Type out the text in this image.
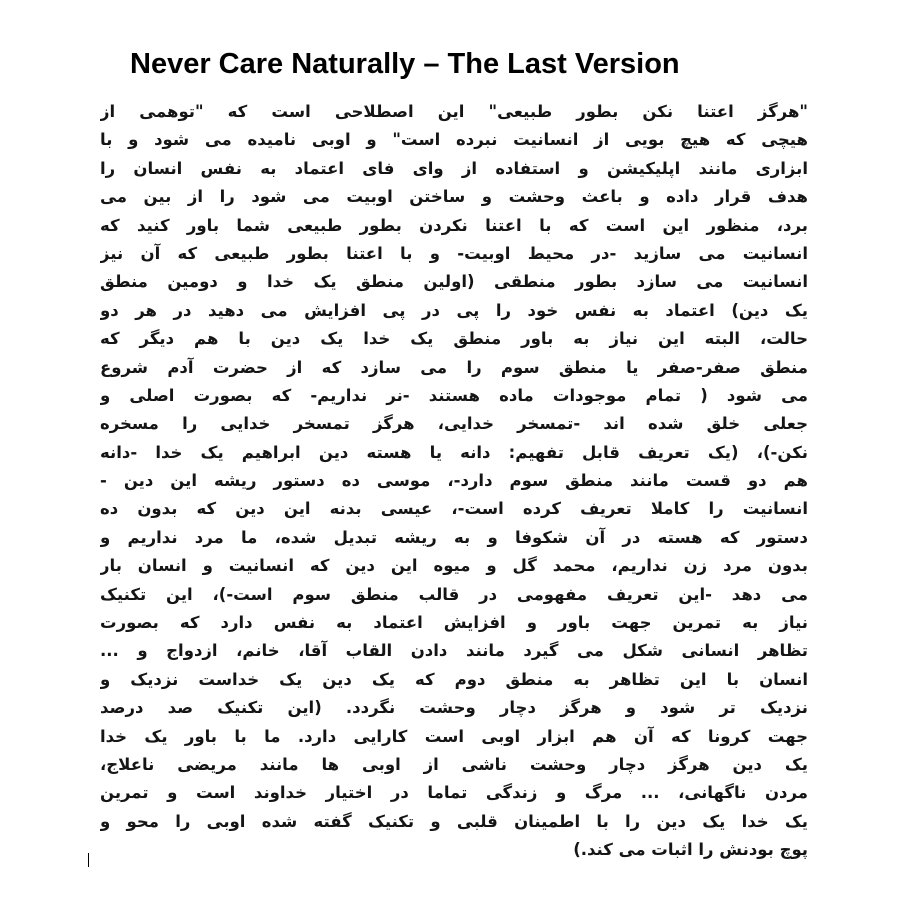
Never Care Naturally – The Last Version
"هرگز اعتنا نکن بطور طبیعی" این اصطلاحی است که "توهمی از
هیچی که هیچ بویی از انسانیت نبرده است" و اوبی نامیده می شود و با
ابزاری مانند اپلیکیشن و استفاده از وای فای اعتماد به نفس انسان را
هدف قرار داده و باعث وحشت و ساختن اوبیت می شود را از بین می
برد، منظور این است که با اعتنا نکردن بطور طبیعی شما باور کنید که
انسانیت می سازید -در محیط اوبیت- و با اعتنا بطور طبیعی که آن نیز
انسانیت می سازد بطور منطقی (اولین منطق یک خدا و دومین منطق
یک دین) اعتماد به نفس خود را پی در پی افزایش می دهید در هر دو
حالت، البته این نیاز به باور منطق یک خدا یک دین با هم دیگر که
منطق صفر-صفر یا منطق سوم را می سازد که از حضرت آدم شروع
می شود ( تمام موجودات ماده هستند -نر نداریم- که بصورت اصلی و
جعلی خلق شده اند -تمسخر خدایی، هرگز تمسخر خدایی را مسخره
نکن-)، (یک تعریف قابل تفهیم: دانه یا هسته دین ابراهیم یک خدا -دانه
هم دو قست مانند منطق سوم دارد-، موسی ده دستور ریشه این دین -
انسانیت را کاملا تعریف کرده است-، عیسی بدنه این دین که بدون ده
دستور که هسته در آن شکوفا و به ریشه تبدیل شده، ما مرد نداریم و
بدون مرد زن نداریم، محمد گل و میوه این دین که انسانیت و انسان بار
می دهد -این تعریف مفهومی در قالب منطق سوم است-)، این تکنیک
نیاز به تمرین جهت باور و افزایش اعتماد به نفس دارد که بصورت
تظاهر انسانی شکل می گیرد مانند دادن القاب آقا، خانم، ازدواج و ...
انسان با این تظاهر به منطق دوم که یک دین یک خداست نزدیک و
نزدیک تر شود و هرگز دچار وحشت نگردد. (این تکنیک صد درصد
جهت کرونا که آن هم ابزار اوبی است کارایی دارد. ما با باور یک خدا
یک دین هرگز دچار وحشت ناشی از اوبی ها مانند مریضی ناعلاج،
مردن ناگهانی، ... مرگ و زندگی تماما در اختیار خداوند است و تمرین
یک خدا یک دین را با اطمینان قلبی و تکنیک گفته شده اوبی را محو و
پوچ بودنش را اثبات می کند.)
